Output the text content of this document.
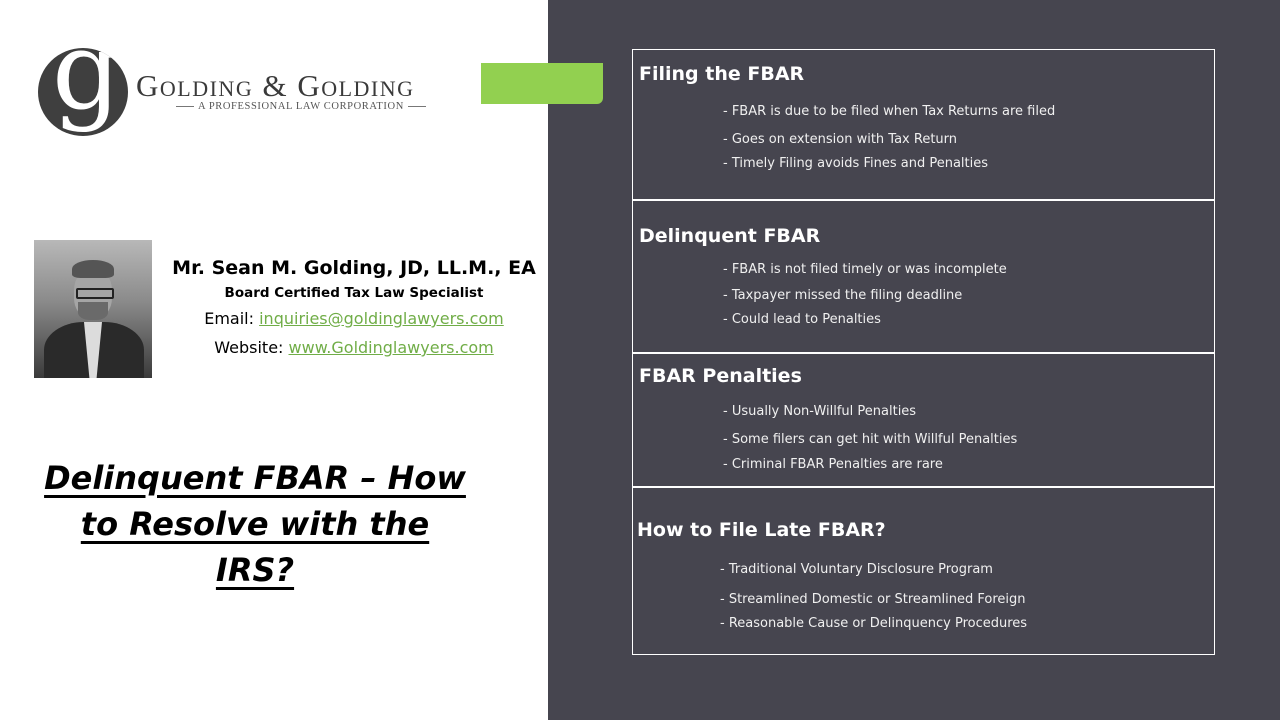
g Golding & Golding
A PROFESSIONAL LAW CORPORATION
Mr. Sean M. Golding, JD, LL.M., EA
Board Certified Tax Law Specialist
Email: inquiries@goldinglawyers.com
Website: www.Goldinglawyers.com
Delinquent FBAR – How
to Resolve with the IRS?
Filing the FBAR
- FBAR is due to be filed when Tax Returns are filed
- Goes on extension with Tax Return
- Timely Filing avoids Fines and Penalties
Delinquent FBAR
- FBAR is not filed timely or was incomplete
- Taxpayer missed the filing deadline
- Could lead to Penalties
FBAR Penalties
- Usually Non-Willful Penalties
- Some filers can get hit with Willful Penalties
- Criminal FBAR Penalties are rare
How to File Late FBAR?
- Traditional Voluntary Disclosure Program
- Streamlined Domestic or Streamlined Foreign
- Reasonable Cause or Delinquency Procedures
